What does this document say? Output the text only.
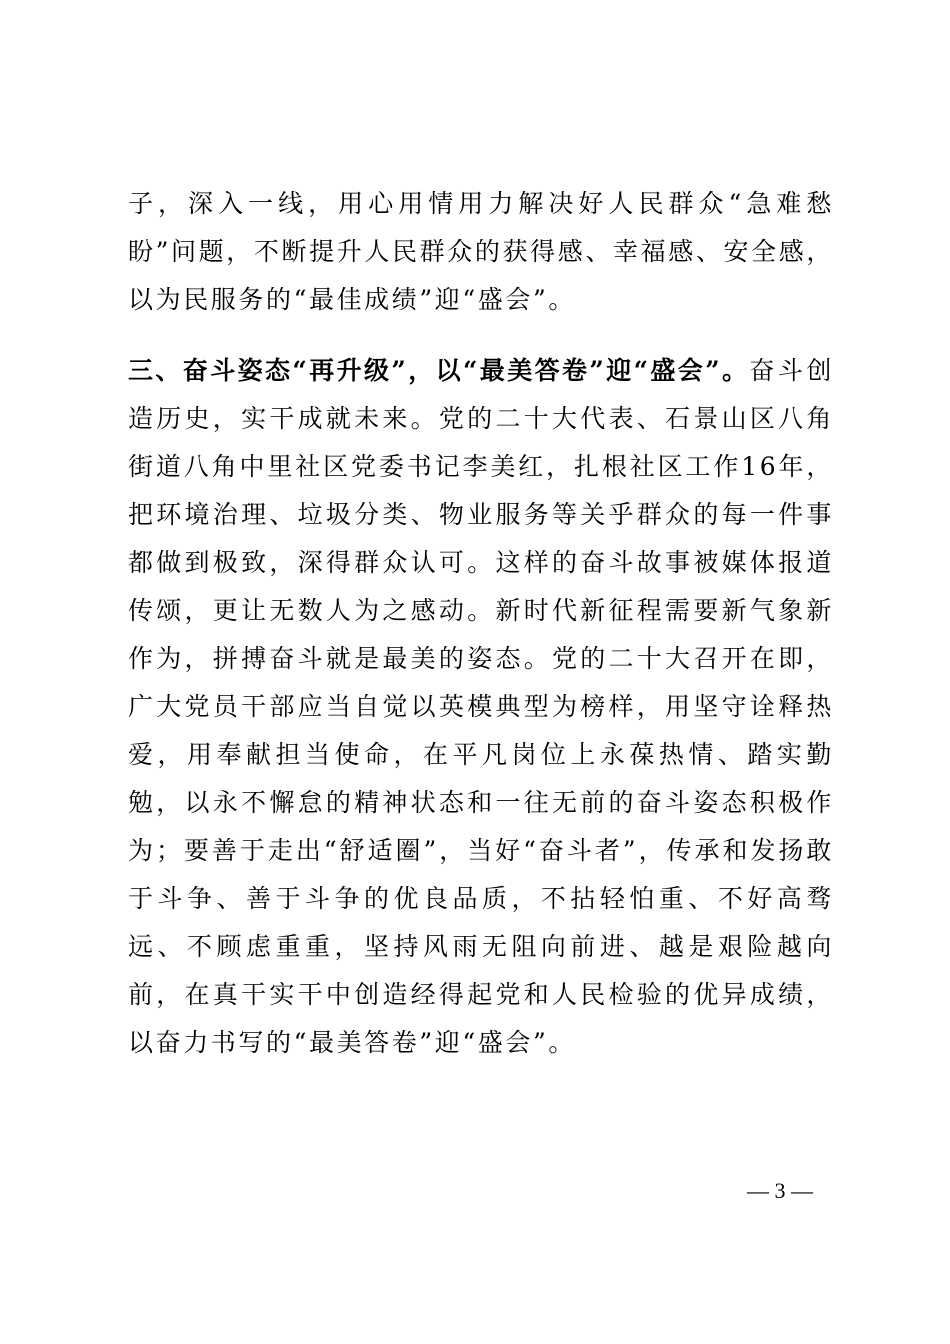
子，深入一线，用心用情用力解决好人民群众“急难愁盼”问题，不断提升人民群众的获得感、幸福感、安全感，以为民服务的“最佳成绩”迎“盛会”。

三、奋斗姿态“再升级”，以“最美答卷”迎“盛会”。奋斗创造历史，实干成就未来。党的二十大代表、石景山区八角街道八角中里社区党委书记李美红，扎根社区工作16年，把环境治理、垃圾分类、物业服务等关乎群众的每一件事都做到极致，深得群众认可。这样的奋斗故事被媒体报道传颂，更让无数人为之感动。新时代新征程需要新气象新作为，拼搏奋斗就是最美的姿态。党的二十大召开在即，广大党员干部应当自觉以英模典型为榜样，用坚守诠释热爱，用奉献担当使命，在平凡岗位上永葆热情、踏实勤勉，以永不懈怠的精神状态和一往无前的奋斗姿态积极作为；要善于走出“舒适圈”，当好“奋斗者”，传承和发扬敢于斗争、善于斗争的优良品质，不拈轻怕重、不好高骛远、不顾虑重重，坚持风雨无阻向前进、越是艰险越向前，在真干实干中创造经得起党和人民检验的优异成绩，以奋力书写的“最美答卷”迎“盛会”。

— 3 —
